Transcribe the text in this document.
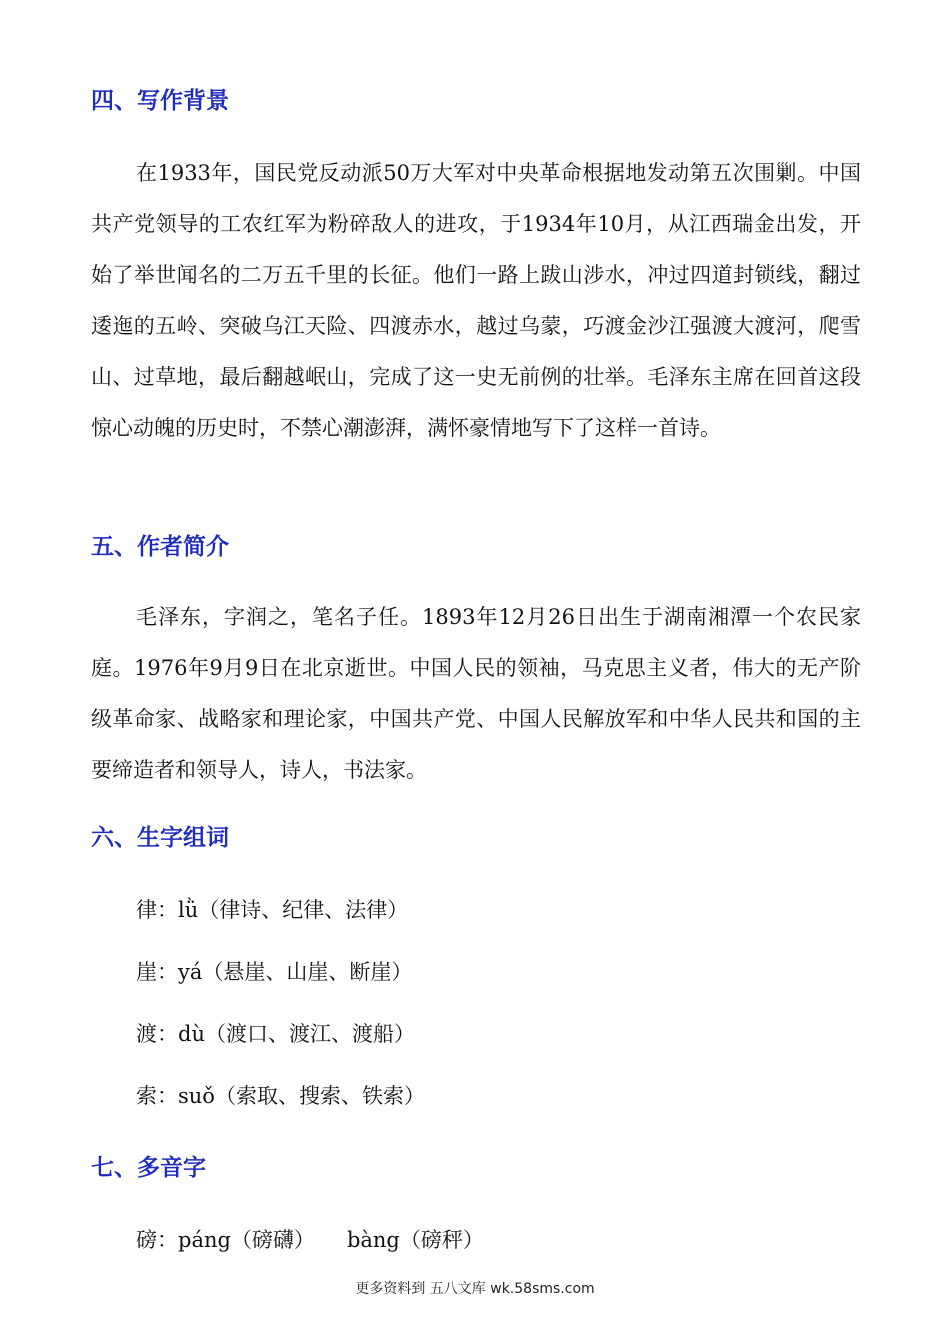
四、写作背景

在1933年，国民党反动派50万大军对中央革命根据地发动第五次围剿。中国共产党领导的工农红军为粉碎敌人的进攻，于1934年10月，从江西瑞金出发，开始了举世闻名的二万五千里的长征。他们一路上跋山涉水，冲过四道封锁线，翻过逶迤的五岭、突破乌江天险、四渡赤水，越过乌蒙，巧渡金沙江强渡大渡河，爬雪山、过草地，最后翻越岷山，完成了这一史无前例的壮举。毛泽东主席在回首这段惊心动魄的历史时，不禁心潮澎湃，满怀豪情地写下了这样一首诗。

五、作者简介

毛泽东，字润之，笔名子任。1893年12月26日出生于湖南湘潭一个农民家庭。1976年9月9日在北京逝世。中国人民的领袖，马克思主义者，伟大的无产阶级革命家、战略家和理论家，中国共产党、中国人民解放军和中华人民共和国的主要缔造者和领导人，诗人，书法家。

六、生字组词
律：lǜ（律诗、纪律、法律）
崖：yá（悬崖、山崖、断崖）
渡：dù（渡口、渡江、渡船）
索：suǒ（索取、搜索、铁索）
七、多音字
磅：páng（磅礴） bàng（磅秤）
更多资料到 五八文库 wk.58sms.com
